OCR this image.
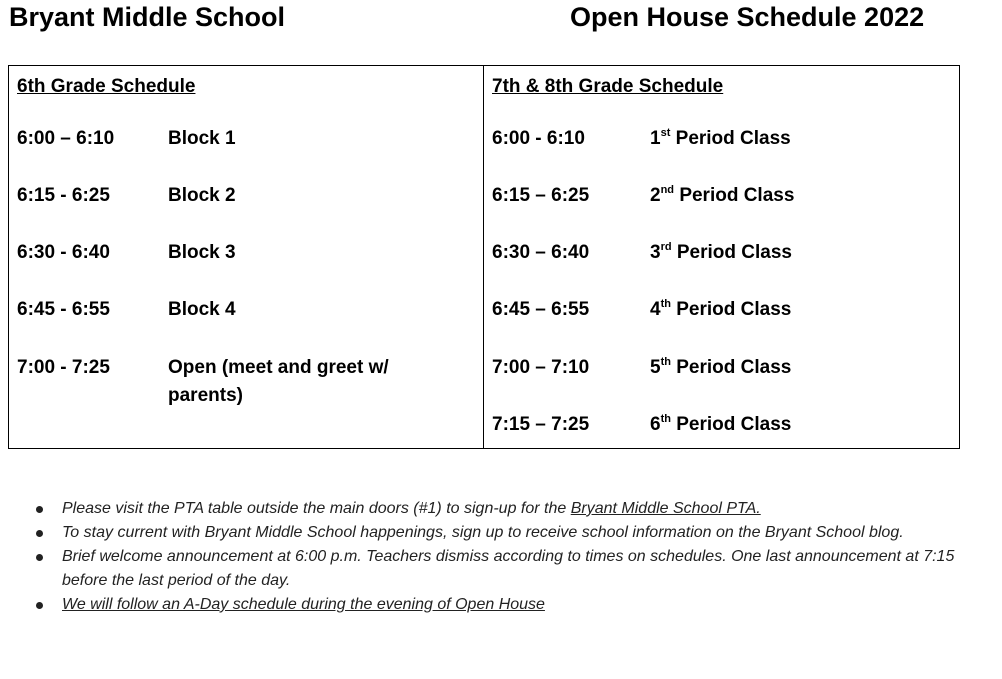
Bryant Middle School	Open House Schedule 2022
6th Grade Schedule
6:00 – 6:10	Block 1
6:15 - 6:25	Block 2
6:30 - 6:40	Block 3
6:45 - 6:55	Block 4
7:00 - 7:25	Open (meet and greet w/ parents)
7th & 8th Grade Schedule
6:00 - 6:10	1st Period Class
6:15 – 6:25	2nd Period Class
6:30 – 6:40	3rd Period Class
6:45 – 6:55	4th Period Class
7:00 – 7:10	5th Period Class
7:15 – 7:25	6th Period Class
Please visit the PTA table outside the main doors (#1) to sign-up for the Bryant Middle School PTA.
To stay current with Bryant Middle School happenings, sign up to receive school information on the Bryant School blog.
Brief welcome announcement at 6:00 p.m. Teachers dismiss according to times on schedules. One last announcement at 7:15 before the last period of the day.
We will follow an A-Day schedule during the evening of Open House
